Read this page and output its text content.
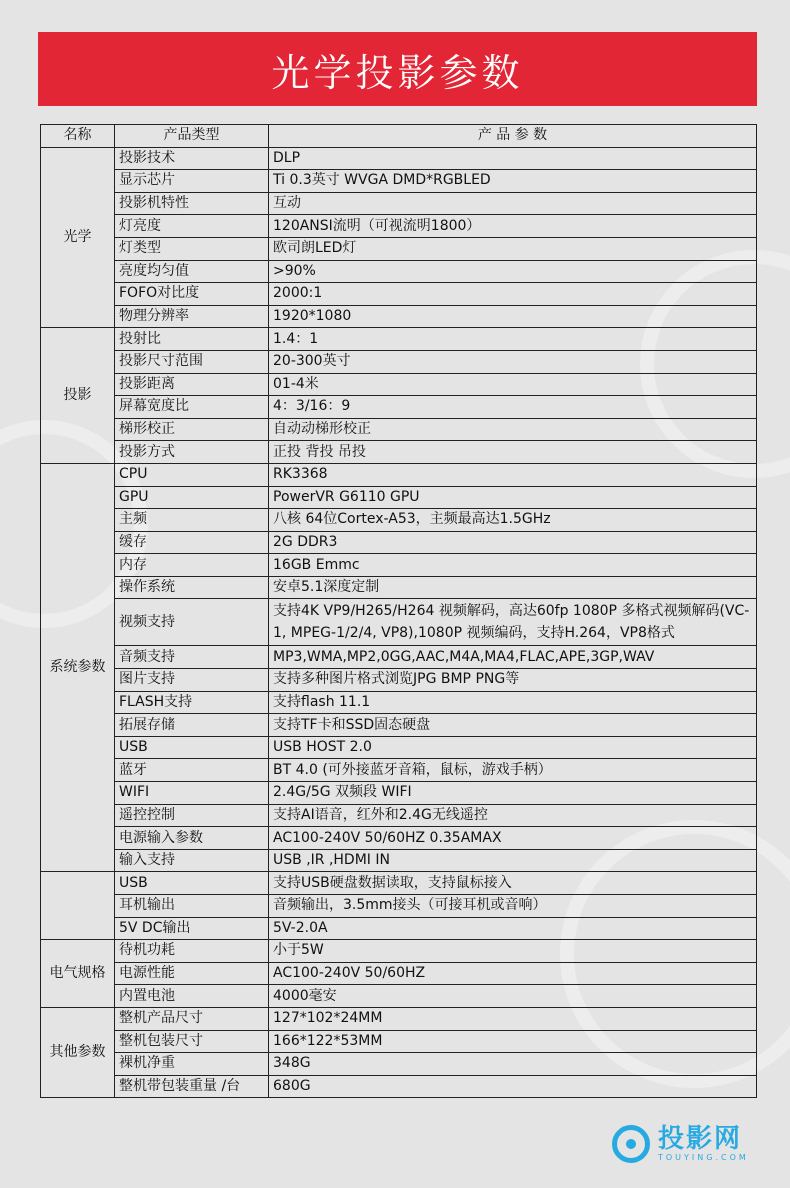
光学投影参数
名称	产品类型	产 品 参 数
光学	投影技术	DLP
	显示芯片	Ti 0.3英寸 WVGA DMD*RGBLED
	投影机特性	互动
	灯亮度	120ANSI流明（可视流明1800）
	灯类型	欧司朗LED灯
	亮度均匀值	>90%
	FOFO对比度	2000:1
	物理分辨率	1920*1080
投影	投射比	1.4：1
	投影尺寸范围	20-300英寸
	投影距离	01-4米
	屏幕宽度比	4：3/16：9
	梯形校正	自动动梯形校正
	投影方式	正投 背投 吊投
系统参数	CPU	RK3368
	GPU	PowerVR G6110 GPU
	主频	八核 64位Cortex-A53，主频最高达1.5GHz
	缓存	2G DDR3
	内存	16GB Emmc
	操作系统	安卓5.1深度定制
	视频支持	支持4K VP9/H265/H264 视频解码，高达60fp 1080P 多格式视频解码(VC-1, MPEG-1/2/4, VP8),1080P 视频编码，支持H.264，VP8格式
	音频支持	MP3,WMA,MP2,0GG,AAC,M4A,MA4,FLAC,APE,3GP,WAV
	图片支持	支持多种图片格式浏览JPG BMP PNG等
	FLASH支持	支持flash 11.1
	拓展存储	支持TF卡和SSD固态硬盘
	USB	USB HOST 2.0
	蓝牙	BT 4.0 (可外接蓝牙音箱，鼠标，游戏手柄）
	WIFI	2.4G/5G 双频段 WIFI
	遥控控制	支持AI语音，红外和2.4G无线遥控
	电源输入参数	AC100-240V 50/60HZ 0.35AMAX
	输入支持	USB ,IR ,HDMI IN
	USB	支持USB硬盘数据读取，支持鼠标接入
	耳机输出	音频输出，3.5mm接头（可接耳机或音响）
	5V DC输出	5V-2.0A
电气规格	待机功耗	小于5W
	电源性能	AC100-240V 50/60HZ
	内置电池	4000毫安
其他参数	整机产品尺寸	127*102*24MM
	整机包装尺寸	166*122*53MM
	裸机净重	348G
	整机带包装重量 /台	680G
投影网
TOUYING.COM
